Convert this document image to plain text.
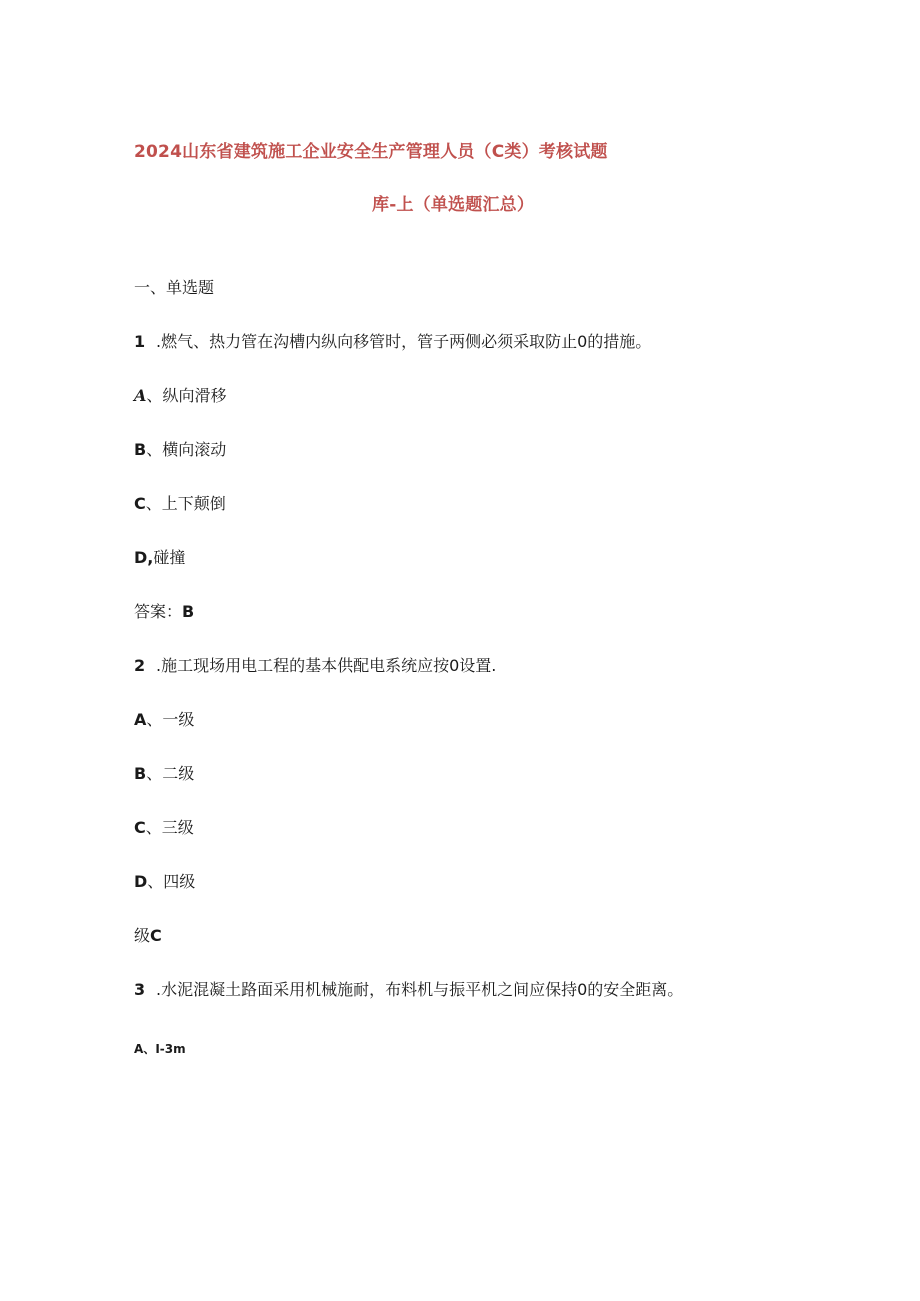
2024山东省建筑施工企业安全生产管理人员（C类）考核试题
库-上（单选题汇总）
一、单选题
1 .燃气、热力管在沟槽内纵向移管时，管子两侧必须采取防止0的措施。
A、纵向滑移
B、横向滚动
C、上下颠倒
D,碰撞
答案：B
2 .施工现场用电工程的基本供配电系统应按0设置.
A、一级
B、二级
C、三级
D、四级
级C
3 .水泥混凝土路面采用机械施耐，布料机与振平机之间应保持0的安全距离。
A、I-3m
